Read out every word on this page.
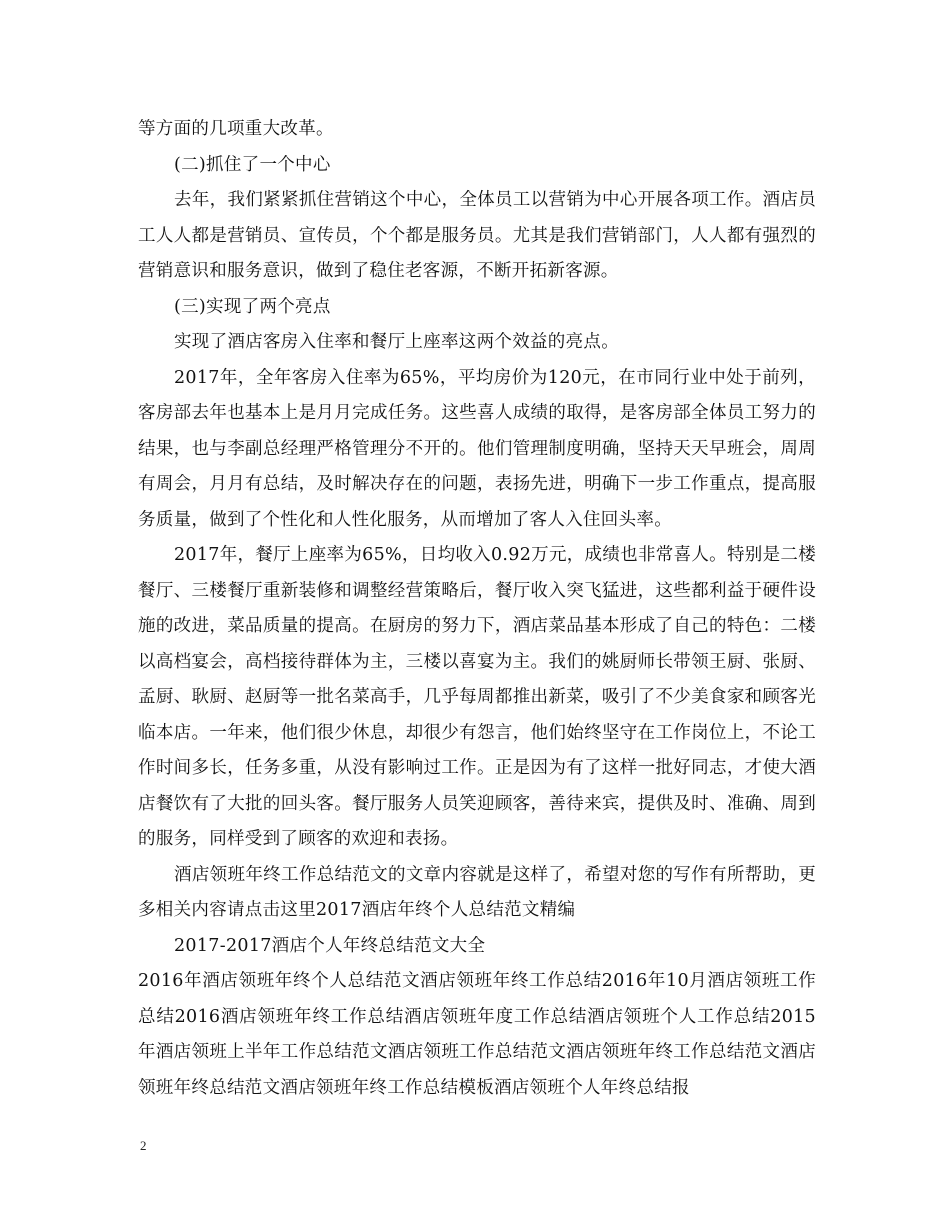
等方面的几项重大改革。

(二)抓住了一个中心

去年，我们紧紧抓住营销这个中心，全体员工以营销为中心开展各项工作。酒店员工人人都是营销员、宣传员，个个都是服务员。尤其是我们营销部门，人人都有强烈的营销意识和服务意识，做到了稳住老客源，不断开拓新客源。

(三)实现了两个亮点

实现了酒店客房入住率和餐厅上座率这两个效益的亮点。

2017年，全年客房入住率为65%，平均房价为120元，在市同行业中处于前列，客房部去年也基本上是月月完成任务。这些喜人成绩的取得，是客房部全体员工努力的结果，也与李副总经理严格管理分不开的。他们管理制度明确，坚持天天早班会，周周有周会，月月有总结，及时解决存在的问题，表扬先进，明确下一步工作重点，提高服务质量，做到了个性化和人性化服务，从而增加了客人入住回头率。

2017年，餐厅上座率为65%，日均收入0.92万元，成绩也非常喜人。特别是二楼餐厅、三楼餐厅重新装修和调整经营策略后，餐厅收入突飞猛进，这些都利益于硬件设施的改进，菜品质量的提高。在厨房的努力下，酒店菜品基本形成了自己的特色：二楼以高档宴会，高档接待群体为主，三楼以喜宴为主。我们的姚厨师长带领王厨、张厨、孟厨、耿厨、赵厨等一批名菜高手，几乎每周都推出新菜，吸引了不少美食家和顾客光临本店。一年来，他们很少休息，却很少有怨言，他们始终坚守在工作岗位上，不论工作时间多长，任务多重，从没有影响过工作。正是因为有了这样一批好同志，才使大酒店餐饮有了大批的回头客。餐厅服务人员笑迎顾客，善待来宾，提供及时、准确、周到的服务，同样受到了顾客的欢迎和表扬。

酒店领班年终工作总结范文的文章内容就是这样了，希望对您的写作有所帮助，更多相关内容请点击这里2017酒店年终个人总结范文精编

2017-2017酒店个人年终总结范文大全

2016年酒店领班年终个人总结范文酒店领班年终工作总结2016年10月酒店领班工作总结2016酒店领班年终工作总结酒店领班年度工作总结酒店领班个人工作总结2015年酒店领班上半年工作总结范文酒店领班工作总结范文酒店领班年终工作总结范文酒店领班年终总结范文酒店领班年终工作总结模板酒店领班个人年终总结报

2
